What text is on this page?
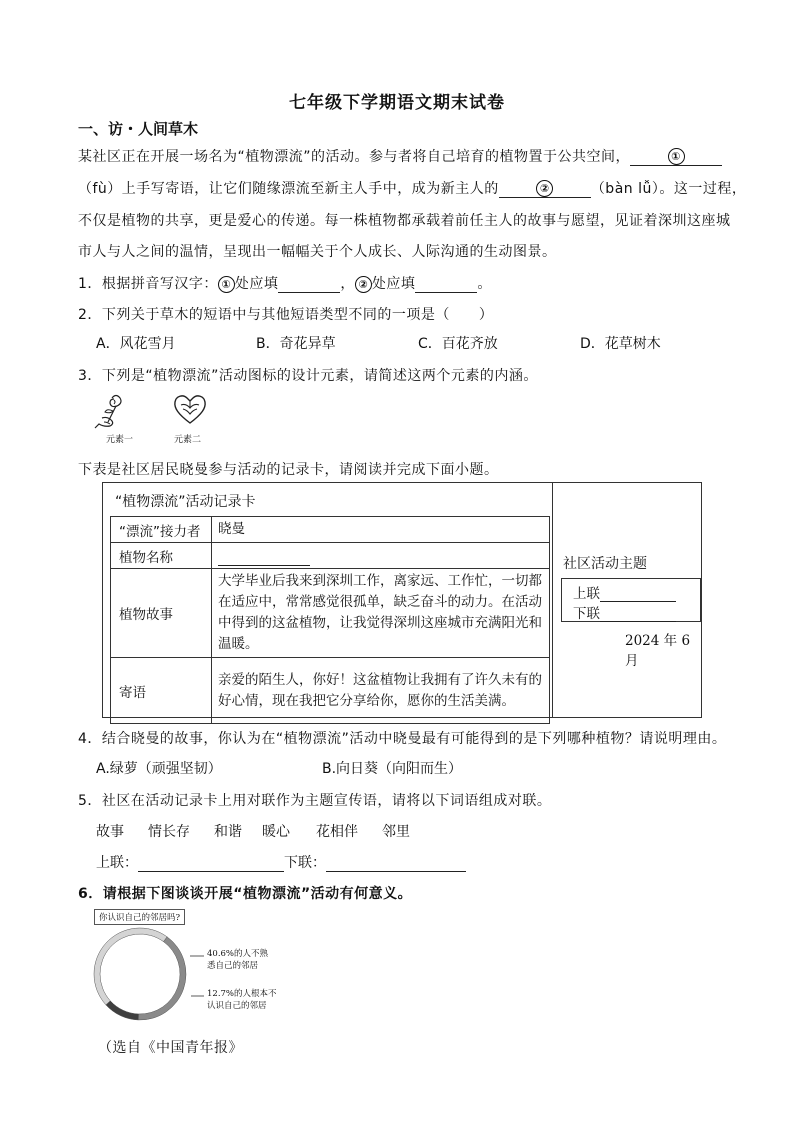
七年级下学期语文期末试卷
一、访・人间草木
某社区正在开展一场名为“植物漂流”的活动。参与者将自己培育的植物置于公共空间，	①
（fù）上手写寄语，让它们随缘漂流至新主人手中，成为新主人的	②	（bàn lǚ）。这一过程，
不仅是植物的共享，更是爱心的传递。每一株植物都承载着前任主人的故事与愿望，见证着深圳这座城
市人与人之间的温情，呈现出一幅幅关于个人成长、人际沟通的生动图景。
1．根据拼音写汉字： ① 处应填	， ② 处应填	。
2．下列关于草木的短语中与其他短语类型不同的一项是（　　）
A．风花雪月	B．奇花异草	C．百花齐放	D．花草树木
3．下列是“植物漂流”活动图标的设计元素，请简述这两个元素的内涵。
元素一	元素二
下表是社区居民晓曼参与活动的记录卡，请阅读并完成下面小题。
“植物漂流”活动记录卡
“漂流”接力者	晓曼
植物名称	
植物故事	大学毕业后我来到深圳工作，离家远、工作忙，一切都在适应中，常常感觉很孤单，缺乏奋斗的动力。在活动中得到的这盆植物，让我觉得深圳这座城市充满阳光和温暖。
寄语	亲爱的陌生人，你好！这盆植物让我拥有了许久未有的好心情，现在我把它分享给你，愿你的生活美满。
社区活动主题
上联
下联
2024 年 6 月
4．结合晓曼的故事，你认为在“植物漂流”活动中晓曼最有可能得到的是下列哪种植物？请说明理由。
A.绿萝（顽强坚韧）	B.向日葵（向阳而生）
5．社区在活动记录卡上用对联作为主题宣传语，请将以下词语组成对联。
故事 情长存 和谐 暖心 花相伴 邻里
上联：	下联：
6．请根据下图谈谈开展“植物漂流”活动有何意义。
你认识自己的邻居吗?
40.6%的人不熟
悉自己的邻居
12.7%的人根本不
认识自己的邻居
（选自《中国青年报》
